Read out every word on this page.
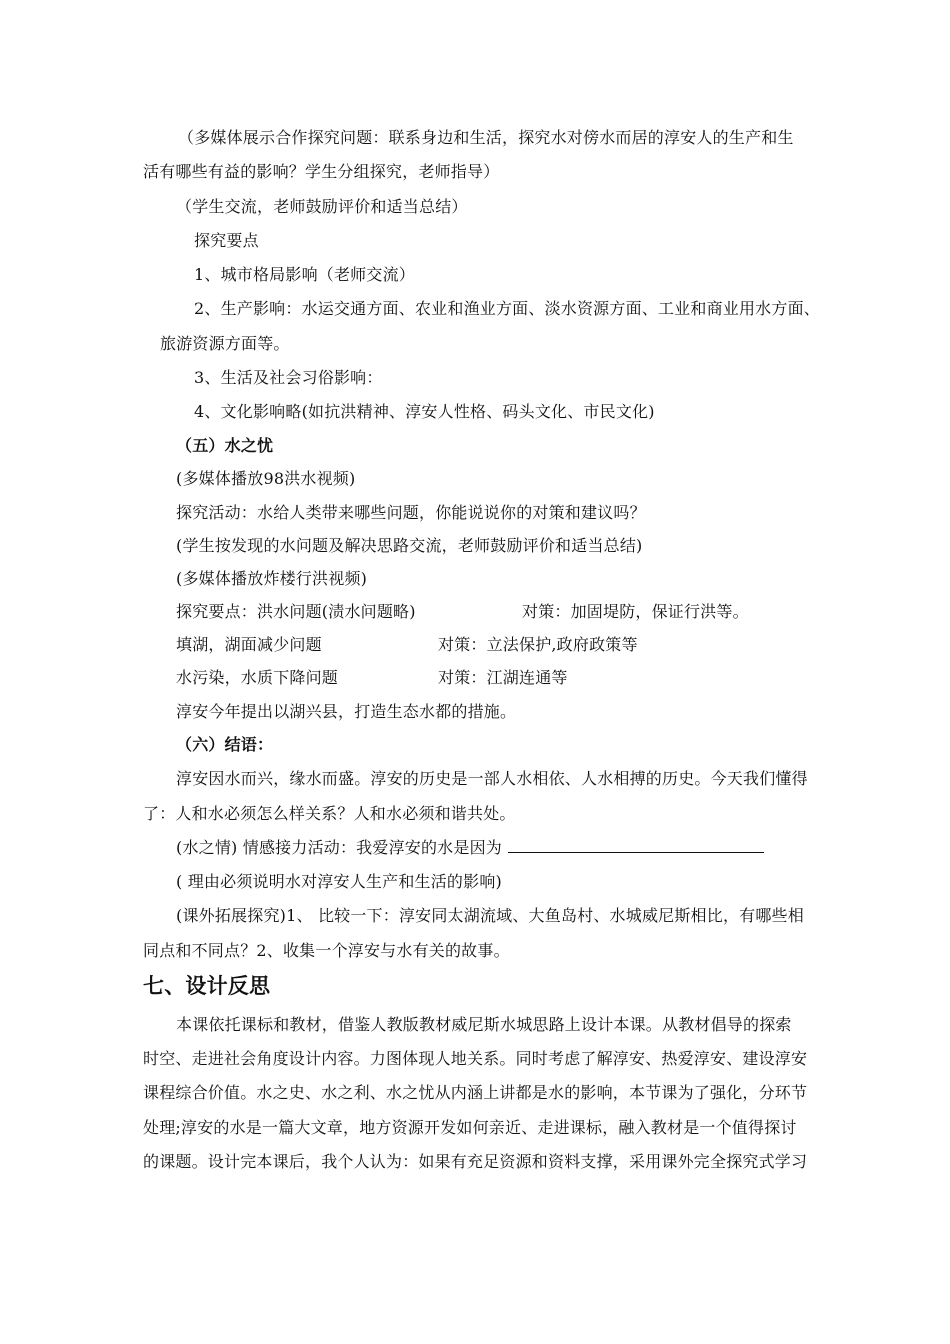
（多媒体展示合作探究问题：联系身边和生活，探究水对傍水而居的淳安人的生产和生
活有哪些有益的影响？学生分组探究，老师指导）
（学生交流，老师鼓励评价和适当总结）
探究要点
1、城市格局影响（老师交流）
2、生产影响：水运交通方面、农业和渔业方面、淡水资源方面、工业和商业用水方面、
旅游资源方面等。
3、生活及社会习俗影响：
4、文化影响略(如抗洪精神、淳安人性格、码头文化、市民文化)
（五）水之忧
(多媒体播放98洪水视频)
探究活动：水给人类带来哪些问题，你能说说你的对策和建议吗？
(学生按发现的水问题及解决思路交流，老师鼓励评价和适当总结)
(多媒体播放炸楼行洪视频)
探究要点：洪水问题(渍水问题略)	对策：加固堤防，保证行洪等。
填湖，湖面减少问题	对策：立法保护,政府政策等
水污染，水质下降问题	对策：江湖连通等
淳安今年提出以湖兴县，打造生态水都的措施。
（六）结语：
淳安因水而兴，缘水而盛。淳安的历史是一部人水相依、人水相搏的历史。今天我们懂得
了：人和水必须怎么样关系？人和水必须和谐共处。
(水之情) 情感接力活动：我爱淳安的水是因为
( 理由必须说明水对淳安人生产和生活的影响)
(课外拓展探究)1、 比较一下：淳安同太湖流域、大鱼岛村、水城威尼斯相比，有哪些相
同点和不同点？2、收集一个淳安与水有关的故事。
七、设计反思
本课依托课标和教材，借鉴人教版教材威尼斯水城思路上设计本课。从教材倡导的探索
时空、走进社会角度设计内容。力图体现人地关系。同时考虑了解淳安、热爱淳安、建设淳安
课程综合价值。水之史、水之利、水之忧从内涵上讲都是水的影响，本节课为了强化，分环节
处理;淳安的水是一篇大文章，地方资源开发如何亲近、走进课标，融入教材是一个值得探讨
的课题。设计完本课后，我个人认为：如果有充足资源和资料支撑，采用课外完全探究式学习
